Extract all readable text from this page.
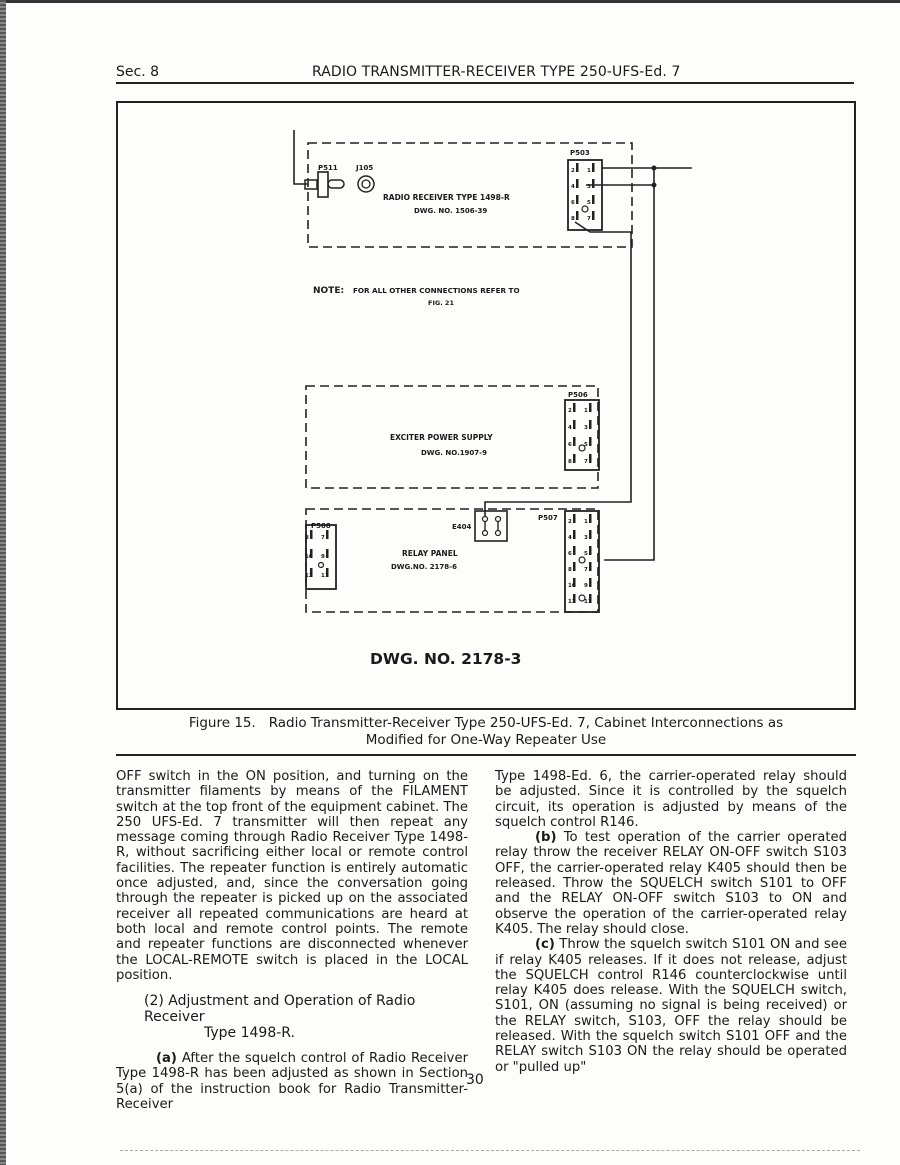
Sec. 8	RADIO TRANSMITTER-RECEIVER TYPE 250-UFS-Ed. 7
2 1
4 3
6 5
8 7
2 1
4 3
6 5
8 7
2 1
4 3
6 5
8 7
10 9
12 11
8 7
10 9
12 11
P511	J105
RADIO RECEIVER TYPE 1498-R
DWG. NO. 1506-39
P503
NOTE: FOR ALL OTHER CONNECTIONS REFER TO
FIG. 21
EXCITER POWER SUPPLY
DWG. NO.1907-9
P506
P508	E404
P507
RELAY PANEL
DWG.NO. 2178-6
DWG. NO. 2178-3
Figure 15. Radio Transmitter-Receiver Type 250-UFS-Ed. 7, Cabinet Interconnections as
Modified for One-Way Repeater Use

OFF switch in the ON position, and turning on the transmitter filaments by means of the FILAMENT switch at the top front of the equipment cabinet. The 250 UFS-Ed. 7 transmitter will then repeat any message coming through Radio Receiver Type 1498-R, without sacrificing either local or remote control facilities. The repeater function is entirely automatic once adjusted, and, since the conversation going through the repeater is picked up on the associated receiver all repeated communications are heard at both local and remote control points. The remote and repeater functions are disconnected whenever the LOCAL-REMOTE switch is placed in the LOCAL position.

(2) Adjustment and Operation of Radio Receiver
Type 1498-R.

(a) After the squelch control of Radio Receiver Type 1498-R has been adjusted as shown in Section 5(a) of the instruction book for Radio Transmitter-Receiver

Type 1498-Ed. 6, the carrier-operated relay should be adjusted. Since it is controlled by the squelch circuit, its operation is adjusted by means of the squelch control R146.

(b) To test operation of the carrier operated relay throw the receiver RELAY ON-OFF switch S103 OFF, the carrier-operated relay K405 should then be released. Throw the SQUELCH switch S101 to OFF and the RELAY ON-OFF switch S103 to ON and observe the operation of the carrier-operated relay K405. The relay should close.

(c) Throw the squelch switch S101 ON and see if relay K405 releases. If it does not release, adjust the SQUELCH control R146 counterclockwise until relay K405 does release. With the SQUELCH switch, S101, ON (assuming no signal is being received) or the RELAY switch, S103, OFF the relay should be released. With the squelch switch S101 OFF and the RELAY switch S103 ON the relay should be operated or "pulled up"

30
